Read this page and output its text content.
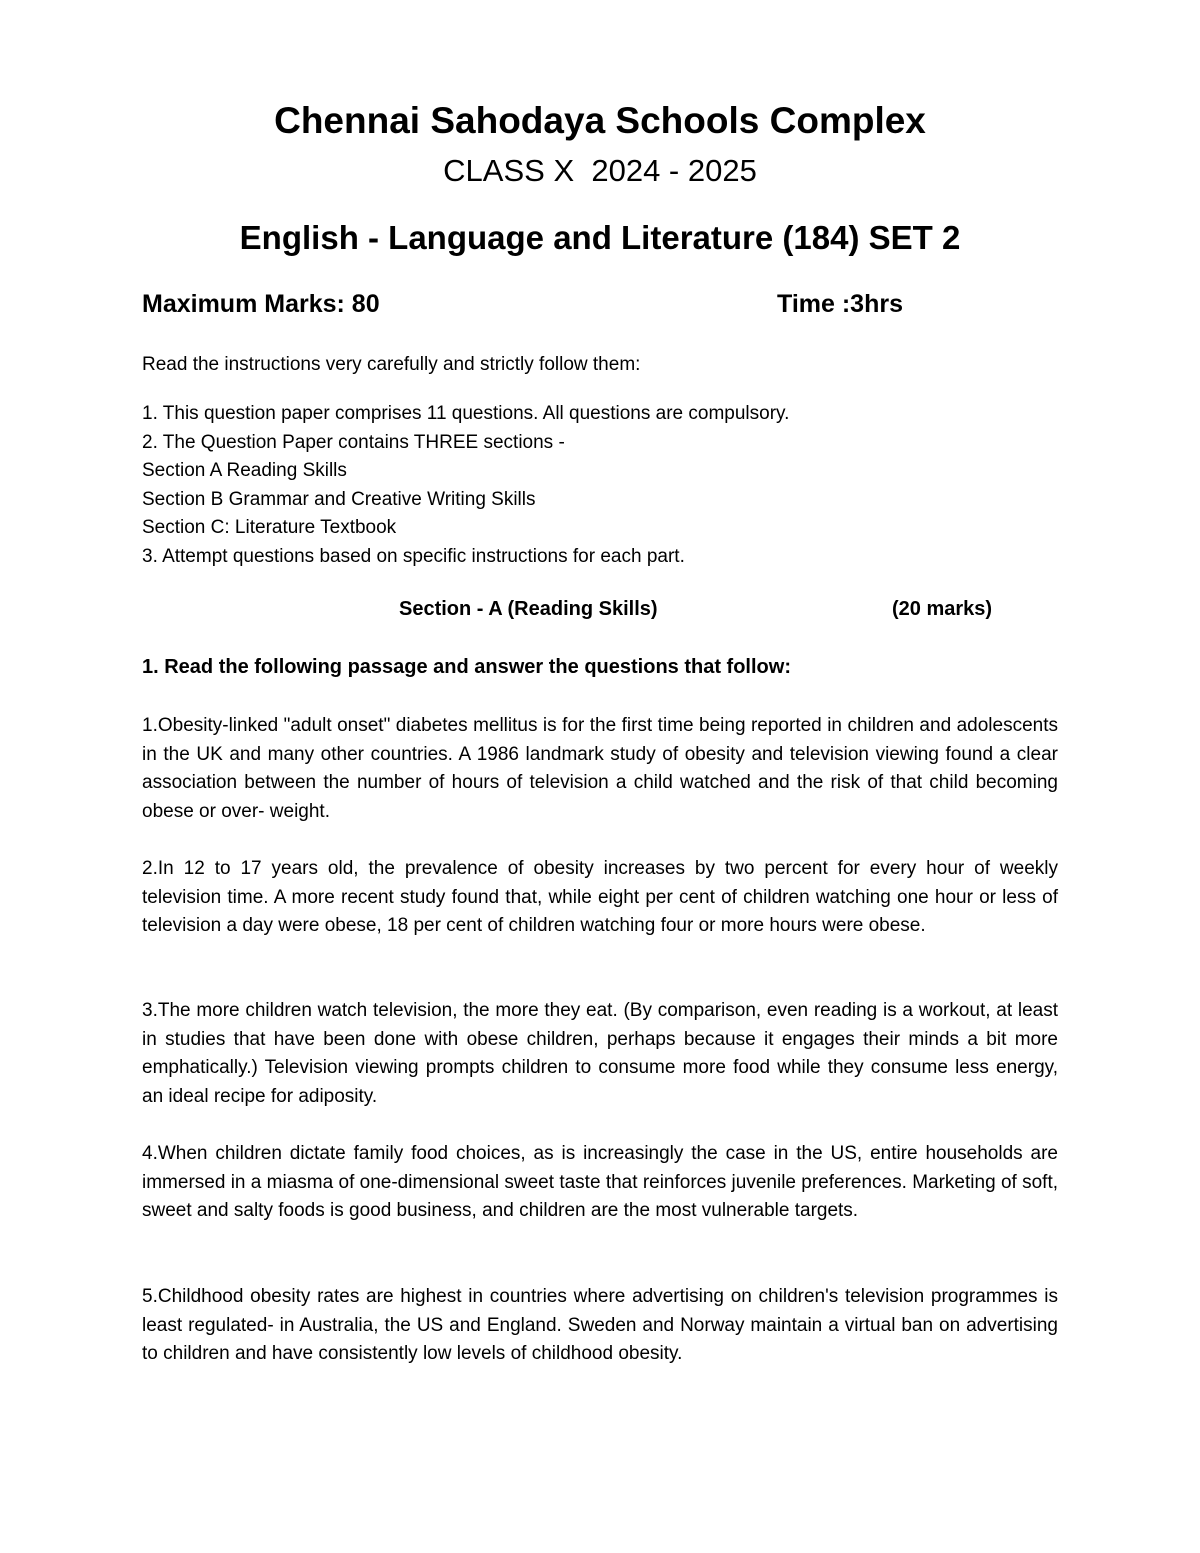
Chennai Sahodaya Schools Complex
CLASS X  2024 - 2025
English - Language and Literature (184) SET 2
Maximum Marks: 80	Time :3hrs
Read the instructions very carefully and strictly follow them:
1. This question paper comprises 11 questions. All questions are compulsory.
2. The Question Paper contains THREE sections -
Section A Reading Skills
Section B Grammar and Creative Writing Skills
Section C: Literature Textbook
3. Attempt questions based on specific instructions for each part.
Section - A (Reading Skills)	(20 marks)
1. Read the following passage and answer the questions that follow:

1.Obesity-linked "adult onset" diabetes mellitus is for the first time being reported in children and adolescents in the UK and many other countries. A 1986 landmark study of obesity and television viewing found a clear association between the number of hours of television a child watched and the risk of that child becoming obese or over- weight.

2.In 12 to 17 years old, the prevalence of obesity increases by two percent for every hour of weekly television time. A more recent study found that, while eight per cent of children watching one hour or less of television a day were obese, 18 per cent of children watching four or more hours were obese.

3.The more children watch television, the more they eat. (By comparison, even reading is a workout, at least in studies that have been done with obese children, perhaps because it engages their minds a bit more emphatically.) Television viewing prompts children to consume more food while they consume less energy, an ideal recipe for adiposity.

4.When children dictate family food choices, as is increasingly the case in the US, entire households are immersed in a miasma of one-dimensional sweet taste that reinforces juvenile preferences. Marketing of soft, sweet and salty foods is good business, and children are the most vulnerable targets.

5.Childhood obesity rates are highest in countries where advertising on children's television programmes is least regulated- in Australia, the US and England. Sweden and Norway maintain a virtual ban on advertising to children and have consistently low levels of childhood obesity.
